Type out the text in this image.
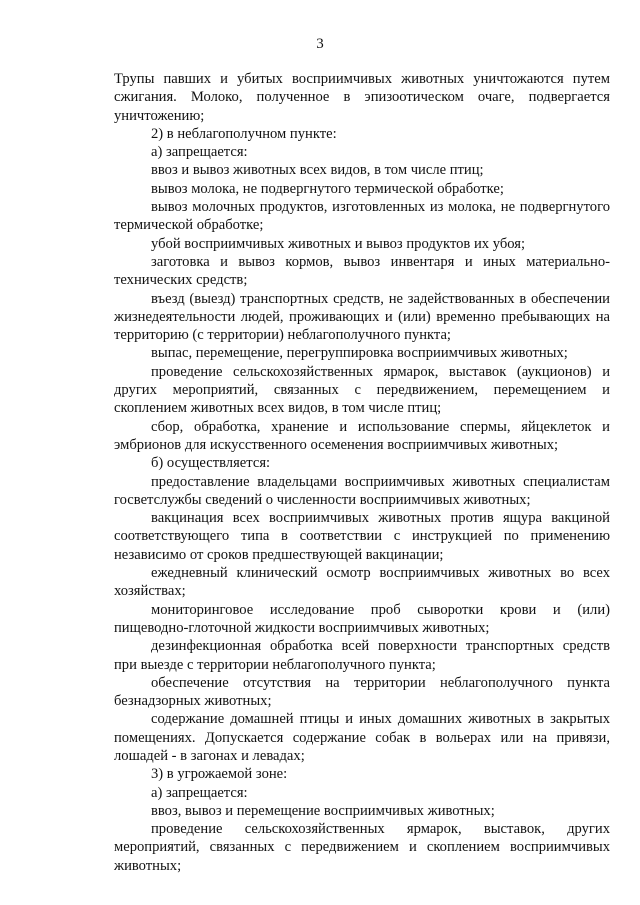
3

Трупы павших и убитых восприимчивых животных уничтожаются путем сжигания. Молоко, полученное в эпизоотическом очаге, подвергается уничтожению;

2) в неблагополучном пункте:

а) запрещается:

ввоз и вывоз животных всех видов, в том числе птиц;

вывоз молока, не подвергнутого термической обработке;

вывоз молочных продуктов, изготовленных из молока, не подвергнутого термической обработке;

убой восприимчивых животных и вывоз продуктов их убоя;

заготовка и вывоз кормов, вывоз инвентаря и иных материально-технических средств;

въезд (выезд) транспортных средств, не задействованных в обеспечении жизнедеятельности людей, проживающих и (или) временно пребывающих на территорию (с территории) неблагополучного пункта;

выпас, перемещение, перегруппировка восприимчивых животных;

проведение сельскохозяйственных ярмарок, выставок (аукционов) и других мероприятий, связанных с передвижением, перемещением и скоплением животных всех видов, в том числе птиц;

сбор, обработка, хранение и использование спермы, яйцеклеток и эмбрионов для искусственного осеменения восприимчивых животных;

б) осуществляется:

предоставление владельцами восприимчивых животных специалистам госветслужбы сведений о численности восприимчивых животных;

вакцинация всех восприимчивых животных против ящура вакциной соответствующего типа в соответствии с инструкцией по применению независимо от сроков предшествующей вакцинации;

ежедневный клинический осмотр восприимчивых животных во всех хозяйствах;

мониторинговое исследование проб сыворотки крови и (или) пищеводно-глоточной жидкости восприимчивых животных;

дезинфекционная обработка всей поверхности транспортных средств при выезде с территории неблагополучного пункта;

обеспечение отсутствия на территории неблагополучного пункта безнадзорных животных;

содержание домашней птицы и иных домашних животных в закрытых помещениях. Допускается содержание собак в вольерах или на привязи, лошадей - в загонах и левадах;

3) в угрожаемой зоне:

а) запрещается:

ввоз, вывоз и перемещение восприимчивых животных;

проведение сельскохозяйственных ярмарок, выставок, других мероприятий, связанных с передвижением и скоплением восприимчивых животных;
